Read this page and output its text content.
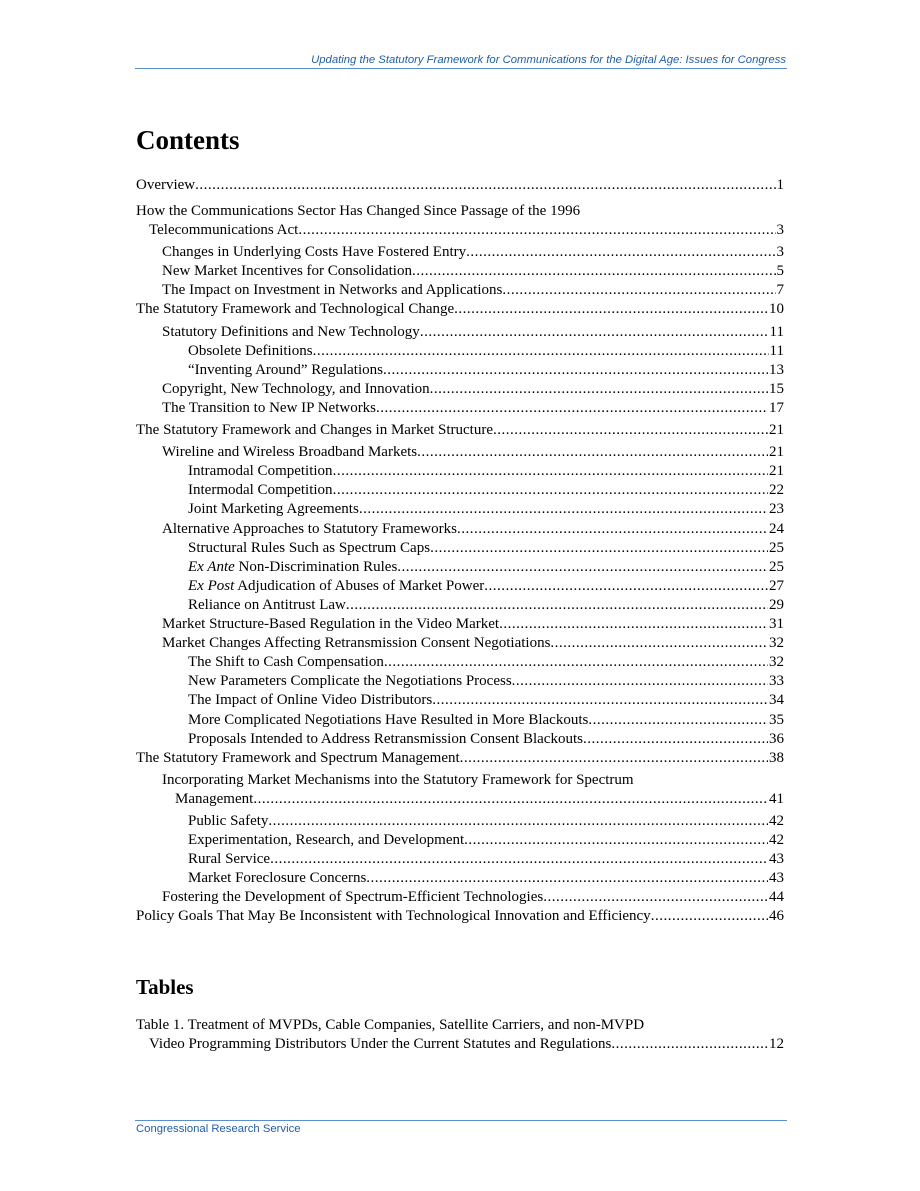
Updating the Statutory Framework for Communications for the Digital Age: Issues for Congress
Contents
Overview .....	1
How the Communications Sector Has Changed Since Passage of the 1996
Telecommunications Act .....	3
Changes in Underlying Costs Have Fostered Entry .....	3
New Market Incentives for Consolidation .....	5
The Impact on Investment in Networks and Applications .....	7
The Statutory Framework and Technological Change .....	10
Statutory Definitions and New Technology .....	11
Obsolete Definitions .....	11
“Inventing Around” Regulations .....	13
Copyright, New Technology, and Innovation .....	15
The Transition to New IP Networks .....	17
The Statutory Framework and Changes in Market Structure .....	21
Wireline and Wireless Broadband Markets .....	21
Intramodal Competition .....	21
Intermodal Competition .....	22
Joint Marketing Agreements .....	23
Alternative Approaches to Statutory Frameworks .....	24
Structural Rules Such as Spectrum Caps .....	25
Ex Ante Non-Discrimination Rules .....	25
Ex Post Adjudication of Abuses of Market Power .....	27
Reliance on Antitrust Law .....	29
Market Structure-Based Regulation in the Video Market .....	31
Market Changes Affecting Retransmission Consent Negotiations .....	32
The Shift to Cash Compensation .....	32
New Parameters Complicate the Negotiations Process .....	33
The Impact of Online Video Distributors .....	34
More Complicated Negotiations Have Resulted in More Blackouts .....	35
Proposals Intended to Address Retransmission Consent Blackouts .....	36
The Statutory Framework and Spectrum Management .....	38
Incorporating Market Mechanisms into the Statutory Framework for Spectrum
Management .....	41
Public Safety .....	42
Experimentation, Research, and Development .....	42
Rural Service .....	43
Market Foreclosure Concerns .....	43
Fostering the Development of Spectrum-Efficient Technologies .....	44
Policy Goals That May Be Inconsistent with Technological Innovation and Efficiency .....	46
Tables
Table 1. Treatment of MVPDs, Cable Companies, Satellite Carriers, and non-MVPD
Video Programming Distributors Under the Current Statutes and Regulations .....	12
Congressional Research Service
